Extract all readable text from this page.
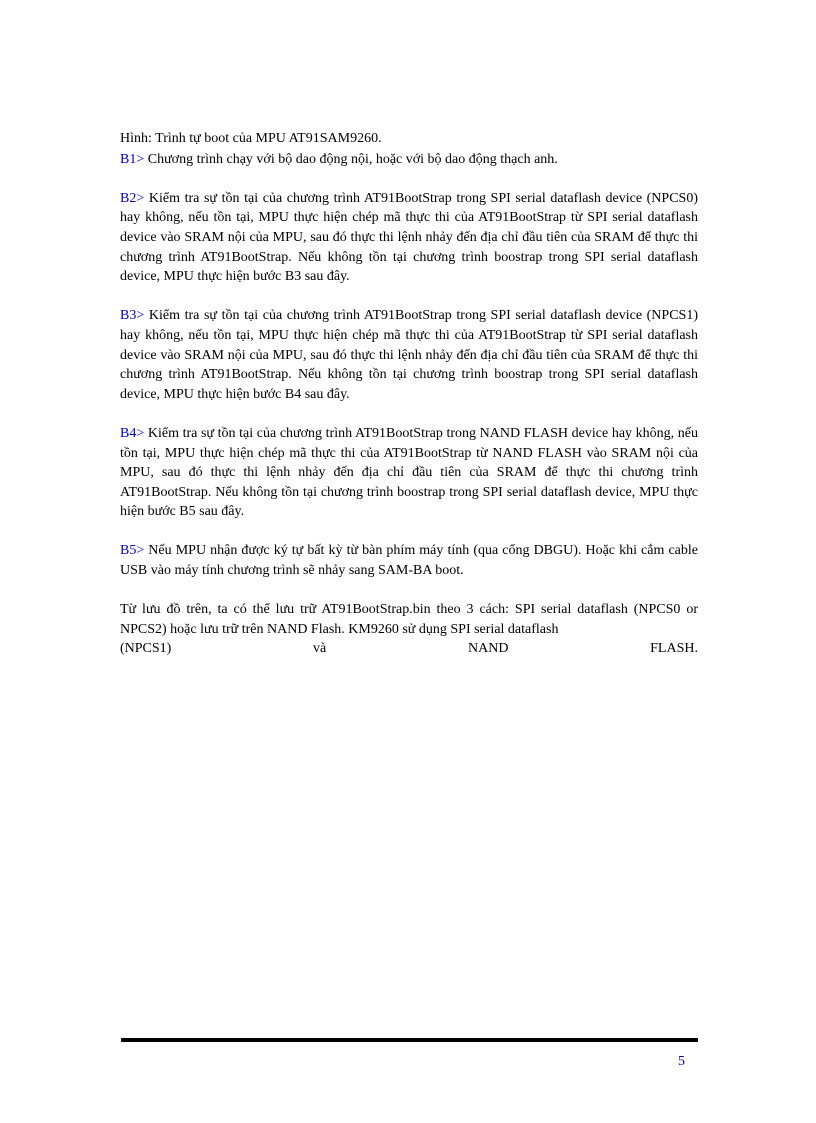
Hình: Trình tự boot của MPU AT91SAM9260.

B1> Chương trình chạy với bộ dao động nội, hoặc với bộ dao động thạch anh.

B2> Kiểm tra sự tồn tại của chương trình AT91BootStrap trong SPI serial dataflash device (NPCS0) hay không, nếu tồn tại, MPU thực hiện chép mã thực thi của AT91BootStrap từ SPI serial dataflash device vào SRAM nội của MPU, sau đó thực thi lệnh nhảy đến địa chỉ đầu tiên của SRAM để thực thi chương trình AT91BootStrap. Nếu không tồn tại chương trình boostrap trong SPI serial dataflash device, MPU thực hiện bước B3 sau đây.

B3> Kiểm tra sự tồn tại của chương trình AT91BootStrap trong SPI serial dataflash device (NPCS1) hay không, nếu tồn tại, MPU thực hiện chép mã thực thi của AT91BootStrap từ SPI serial dataflash device vào SRAM nội của MPU, sau đó thực thi lệnh nhảy đến địa chỉ đầu tiên của SRAM để thực thi chương trình AT91BootStrap. Nếu không tồn tại chương trình boostrap trong SPI serial dataflash device, MPU thực hiện bước B4 sau đây.

B4> Kiểm tra sự tồn tại của chương trình AT91BootStrap trong NAND FLASH device hay không, nếu tồn tại, MPU thực hiện chép mã thực thi của AT91BootStrap từ NAND FLASH vào SRAM nội của MPU, sau đó thực thi lệnh nhảy đến địa chỉ đầu tiên của SRAM để thực thi chương trình AT91BootStrap. Nếu không tồn tại chương trình boostrap trong SPI serial dataflash device, MPU thực hiện bước B5 sau đây.

B5> Nếu MPU nhận được ký tự bất kỳ từ bàn phím máy tính (qua cổng DBGU). Hoặc khi cắm cable USB vào máy tính chương trình sẽ nhảy sang SAM-BA boot.

Từ lưu đồ trên, ta có thể lưu trữ AT91BootStrap.bin theo 3 cách: SPI serial dataflash (NPCS0 or NPCS2) hoặc lưu trữ trên NAND Flash. KM9260 sử dụng SPI serial dataflash

(NPCS1) và NAND FLASH.

5
